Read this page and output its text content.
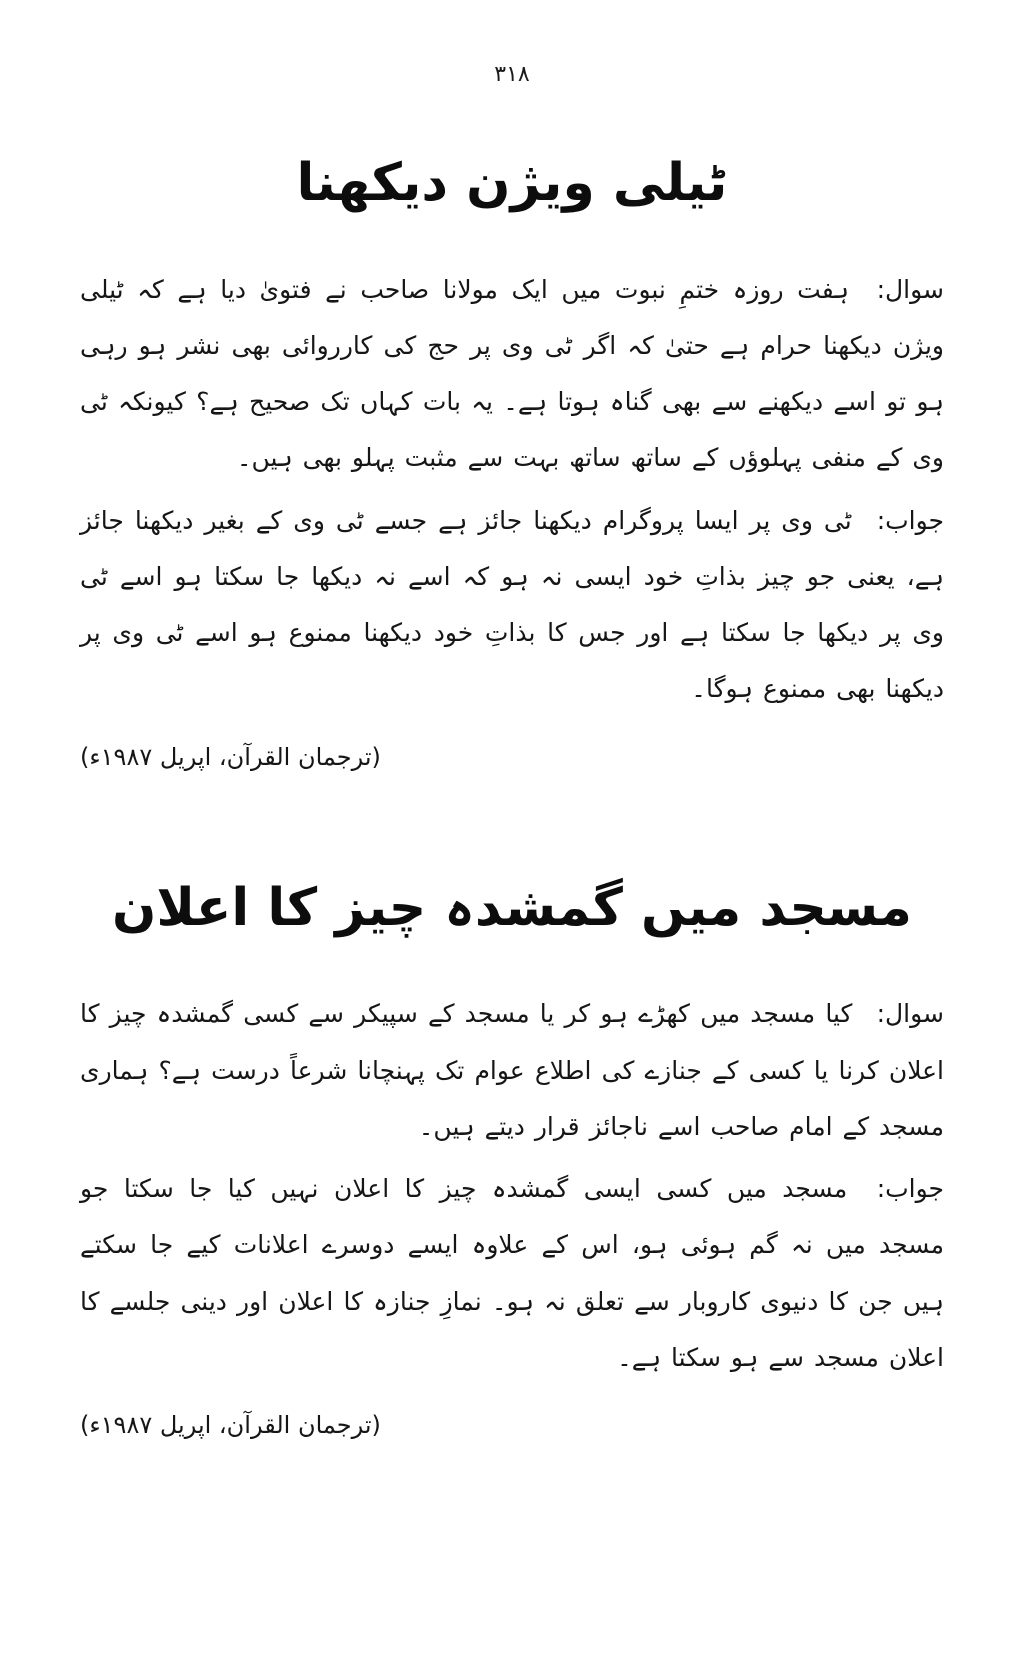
٣١٨
ٹیلی ویژن دیکھنا

سوال: ہفت روزہ ختمِ نبوت میں ایک مولانا صاحب نے فتویٰ دیا ہے کہ ٹیلی ویژن دیکھنا حرام ہے حتیٰ کہ اگر ٹی وی پر حج کی کارروائی بھی نشر ہو رہی ہو تو اسے دیکھنے سے بھی گناہ ہوتا ہے۔ یہ بات کہاں تک صحیح ہے؟ کیونکہ ٹی وی کے منفی پہلوؤں کے ساتھ ساتھ بہت سے مثبت پہلو بھی ہیں۔

جواب: ٹی وی پر ایسا پروگرام دیکھنا جائز ہے جسے ٹی وی کے بغیر دیکھنا جائز ہے، یعنی جو چیز بذاتِ خود ایسی نہ ہو کہ اسے نہ دیکھا جا سکتا ہو اسے ٹی وی پر دیکھا جا سکتا ہے اور جس کا بذاتِ خود دیکھنا ممنوع ہو اسے ٹی وی پر دیکھنا بھی ممنوع ہوگا۔

(ترجمان القرآن، اپریل ۱۹۸۷ء)

مسجد میں گمشدہ چیز کا اعلان

سوال: کیا مسجد میں کھڑے ہو کر یا مسجد کے سپیکر سے کسی گمشدہ چیز کا اعلان کرنا یا کسی کے جنازے کی اطلاع عوام تک پہنچانا شرعاً درست ہے؟ ہماری مسجد کے امام صاحب اسے ناجائز قرار دیتے ہیں۔

جواب: مسجد میں کسی ایسی گمشدہ چیز کا اعلان نہیں کیا جا سکتا جو مسجد میں نہ گم ہوئی ہو، اس کے علاوہ ایسے دوسرے اعلانات کیے جا سکتے ہیں جن کا دنیوی کاروبار سے تعلق نہ ہو۔ نمازِ جنازہ کا اعلان اور دینی جلسے کا اعلان مسجد سے ہو سکتا ہے۔

(ترجمان القرآن، اپریل ۱۹۸۷ء)
